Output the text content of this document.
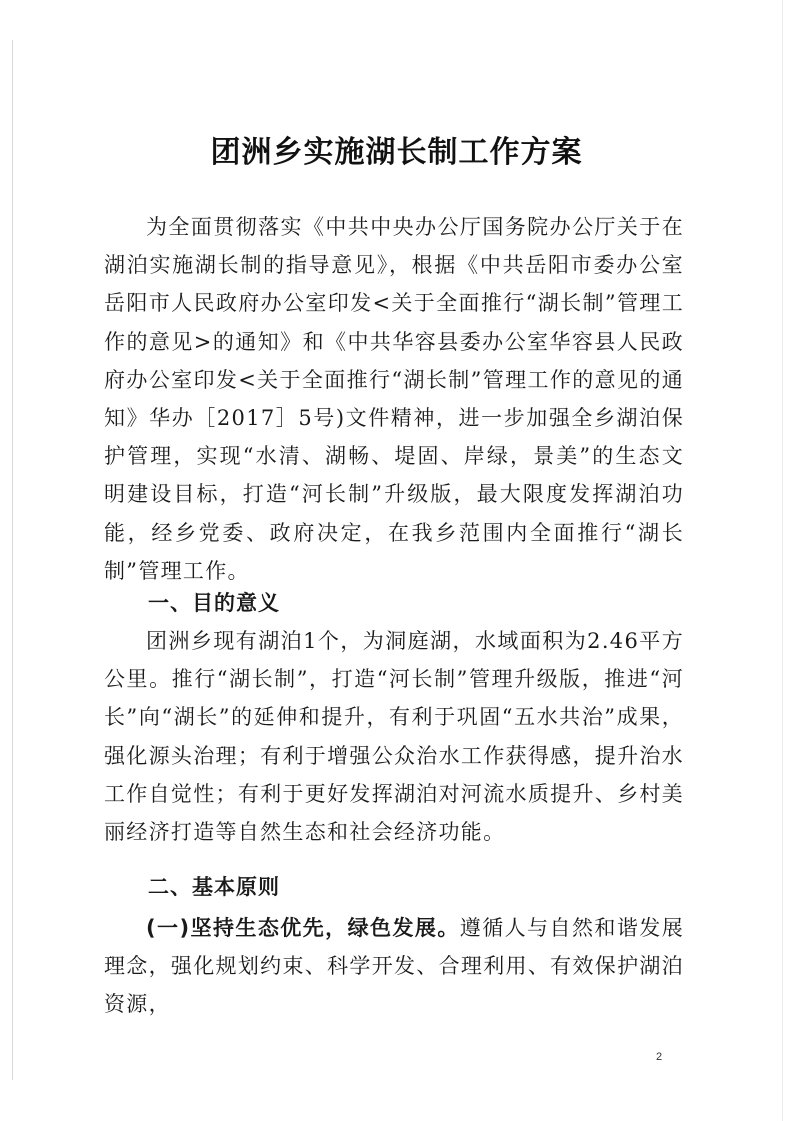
团洲乡实施湖长制工作方案

为全面贯彻落实《中共中央办公厅国务院办公厅关于在湖泊实施湖长制的指导意见》，根据《中共岳阳市委办公室 岳阳市人民政府办公室印发<关于全面推行“湖长制”管理工作的意见>的通知》和《中共华容县委办公室华容县人民政府办公室印发<关于全面推行“湖长制”管理工作的意见的通知》华办［2017］5号)文件精神，进一步加强全乡湖泊保护管理，实现“水清、湖畅、堤固、岸绿，景美”的生态文明建设目标，打造“河长制”升级版，最大限度发挥湖泊功能，经乡党委、政府决定，在我乡范围内全面推行“湖长制”管理工作。

一、目的意义

团洲乡现有湖泊1个，为洞庭湖，水域面积为2.46平方公里。推行“湖长制”，打造“河长制”管理升级版，推进“河长”向“湖长”的延伸和提升，有利于巩固“五水共治”成果，强化源头治理；有利于增强公众治水工作获得感，提升治水工作自觉性；有利于更好发挥湖泊对河流水质提升、乡村美丽经济打造等自然生态和社会经济功能。

二、基本原则

(一)坚持生态优先，绿色发展。遵循人与自然和谐发展理念，强化规划约束、科学开发、合理利用、有效保护湖泊资源，

2
